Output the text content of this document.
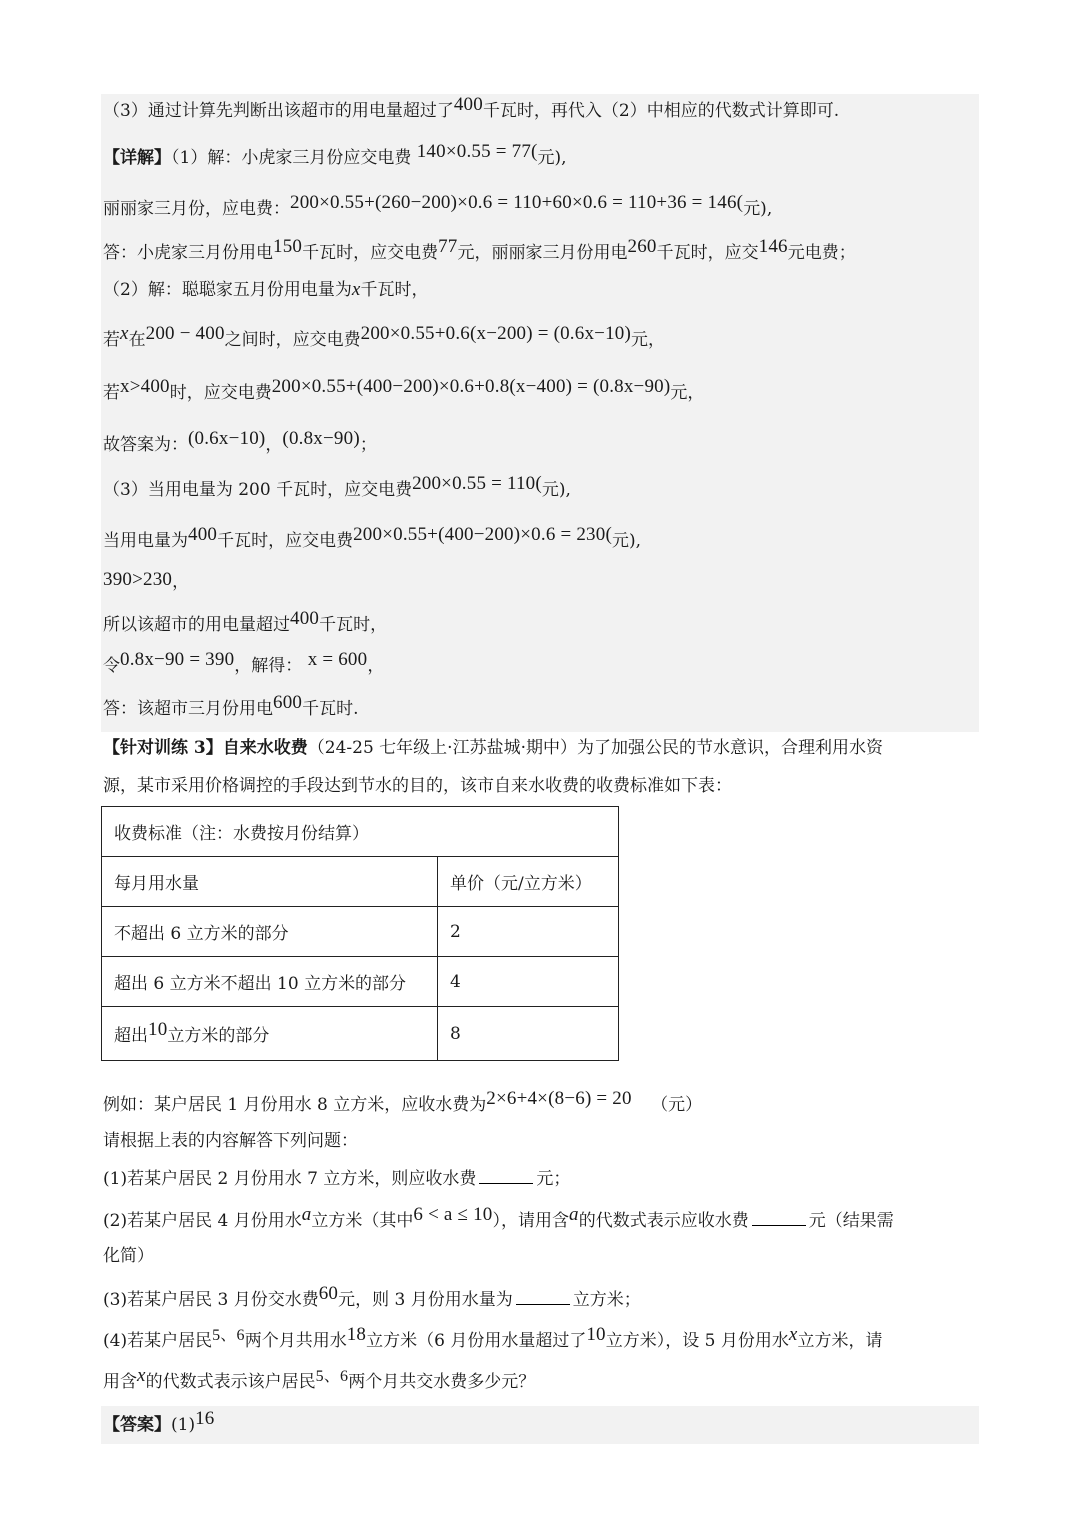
（3）通过计算先判断出该超市的用电量超过了400千瓦时，再代入（2）中相应的代数式计算即可.
【详解】（1）解：小虎家三月份应交电费 140×0.55 = 77(元),
丽丽家三月份，应电费：200×0.55+(260−200)×0.6 = 110+60×0.6 = 110+36 = 146(元),
答：小虎家三月份用电150千瓦时，应交电费77元，丽丽家三月份用电260千瓦时，应交146元电费；
（2）解：聪聪家五月份用电量为x千瓦时，
若x在200 − 400之间时，应交电费200×0.55+0.6(x−200) = (0.6x−10)元，
若x>400时，应交电费200×0.55+(400−200)×0.6+0.8(x−400) = (0.8x−90)元，
故答案为：(0.6x−10)，(0.8x−90)；
（3）当用电量为 200 千瓦时，应交电费200×0.55 = 110(元),
当用电量为400千瓦时，应交电费200×0.55+(400−200)×0.6 = 230(元),
390>230，
所以该超市的用电量超过400千瓦时，
令0.8x−90 = 390，解得： x = 600，
答：该超市三月份用电600千瓦时.
【针对训练 3】自来水收费（24-25 七年级上·江苏盐城·期中）为了加强公民的节水意识，合理利用水资
源，某市采用价格调控的手段达到节水的目的，该市自来水收费的收费标准如下表：
收费标准（注：水费按月份结算）	
每月用水量	单价（元/立方米）
不超出 6 立方米的部分	2
超出 6 立方米不超出 10 立方米的部分	4
超出10立方米的部分	8
例如：某户居民 1 月份用水 8 立方米，应收水费为2×6+4×(8−6) = 20 （元）
请根据上表的内容解答下列问题：
(1)若某户居民 2 月份用水 7 立方米，则应收水费	元；
(2)若某户居民 4 月份用水a立方米（其中6 < a ≤ 10），请用含a的代数式表示应收水费	元（结果需
化简）
(3)若某户居民 3 月份交水费60元，则 3 月份用水量为	立方米；
(4)若某户居民5、6两个月共用水18立方米（6 月份用水量超过了10立方米），设 5 月份用水x立方米，请
用含x的代数式表示该户居民5、6两个月共交水费多少元？
【答案】(1)16
